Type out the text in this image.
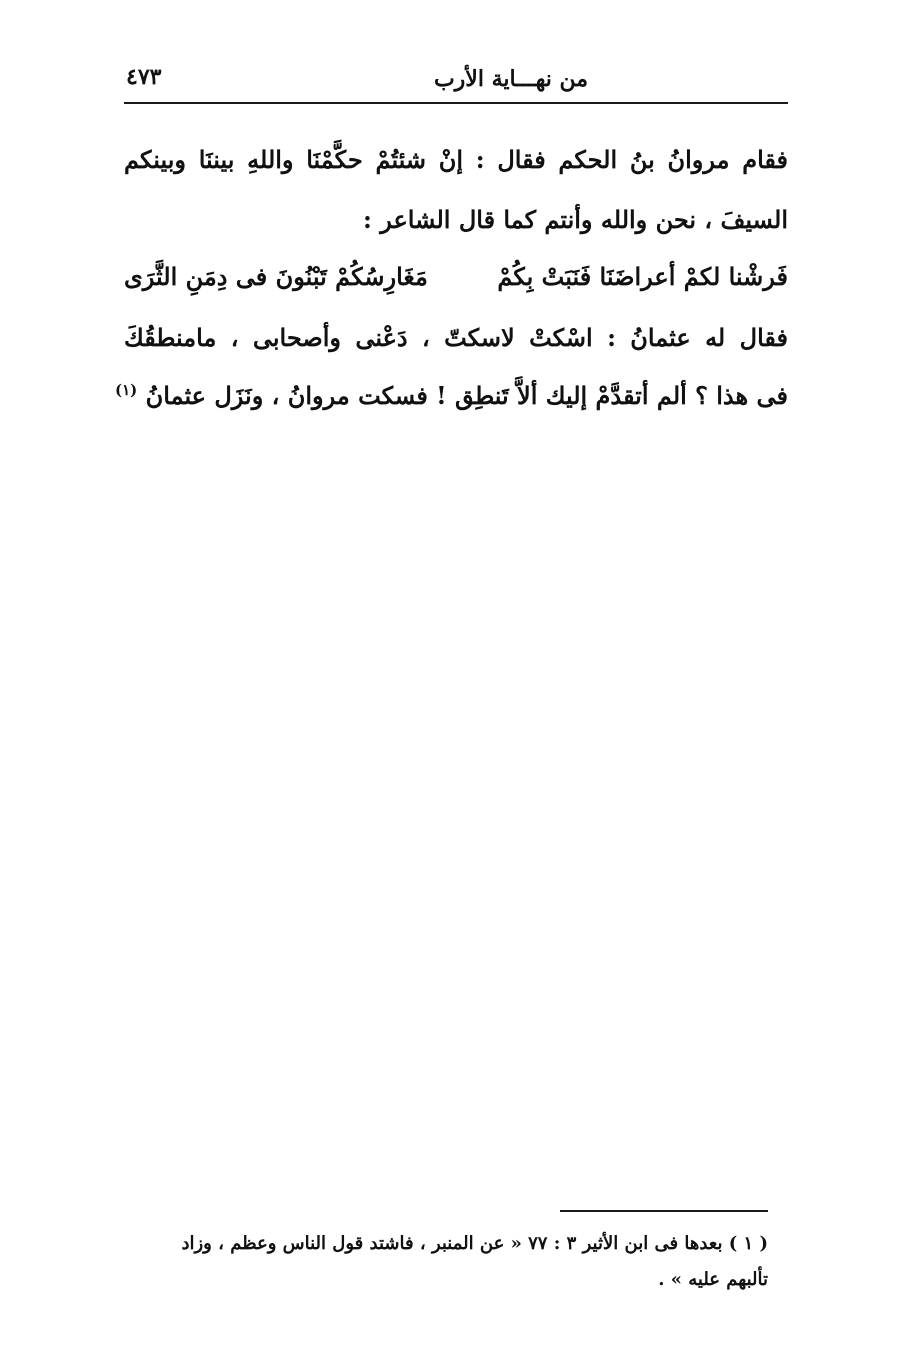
٤٧٣	من نهـــاية الأرب
فقام مروانُ بنُ الحكم فقال : إنْ شئتُمْ حكَّمْنَا واللهِ بيننَا وبينكم
السيفَ ، نحن والله وأنتم كما قال الشاعر :
فَرشْنا لكمْ أعراضَنَا فَنَبَتْ بِكُمْ
مَغَارِسُكُمْ تَبْنُونَ فى دِمَنِ الثَّرَى
فقال له عثمانُ : اسْكتْ لاسكتّ ، دَعْنى وأصحابى ، مامنطقُكَ
فى هذا ؟ ألم أتقدَّمْ إليك ألاَّ تَنطِق ! فسكت مروانُ ، ونَزَل عثمانُ $^{(١)}$
( ١ ) بعدها فى ابن الأثير ٣ : ٧٧ « عن المنبر ، فاشتد قول الناس وعظم ، وزاد
تألبهم عليه » .
